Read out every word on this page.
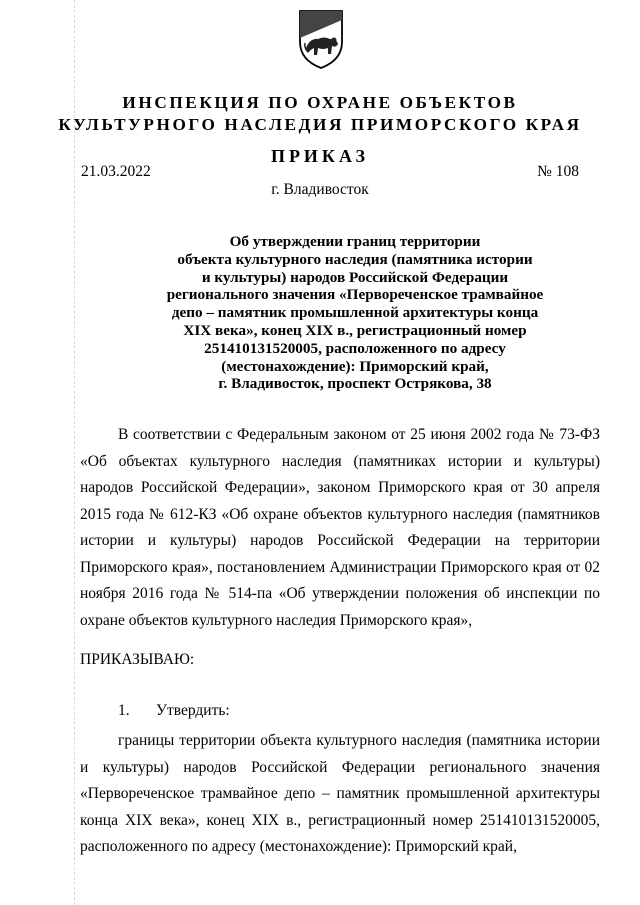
ИНСПЕКЦИЯ ПО ОХРАНЕ ОБЪЕКТОВ
КУЛЬТУРНОГО НАСЛЕДИЯ ПРИМОРСКОГО КРАЯ
ПРИКАЗ
21.03.2022	№ 108
г. Владивосток
Об утверждении границ территории
объекта культурного наследия (памятника истории
и культуры) народов Российской Федерации
регионального значения «Первореченское трамвайное
депо – памятник промышленной архитектуры конца
XIX века», конец XIX в., регистрационный номер
251410131520005, расположенного по адресу
(местонахождение): Приморский край,
г. Владивосток, проспект Острякова, 38
В соответствии с Федеральным законом от 25 июня 2002 года № 73-ФЗ «Об объектах культурного наследия (памятниках истории и культуры) народов Российской Федерации», законом Приморского края от 30 апреля 2015 года № 612-КЗ «Об охране объектов культурного наследия (памятников истории и культуры) народов Российской Федерации на территории Приморского края», постановлением Администрации Приморского края от 02 ноября 2016 года № 514-па «Об утверждении положения об инспекции по охране объектов культурного наследия Приморского края»,
ПРИКАЗЫВАЮ:
1. Утвердить:
границы территории объекта культурного наследия (памятника истории и культуры) народов Российской Федерации регионального значения «Первореченское трамвайное депо – памятник промышленной архитектуры конца XIX века», конец XIX в., регистрационный номер 251410131520005, расположенного по адресу (местонахождение): Приморский край,
